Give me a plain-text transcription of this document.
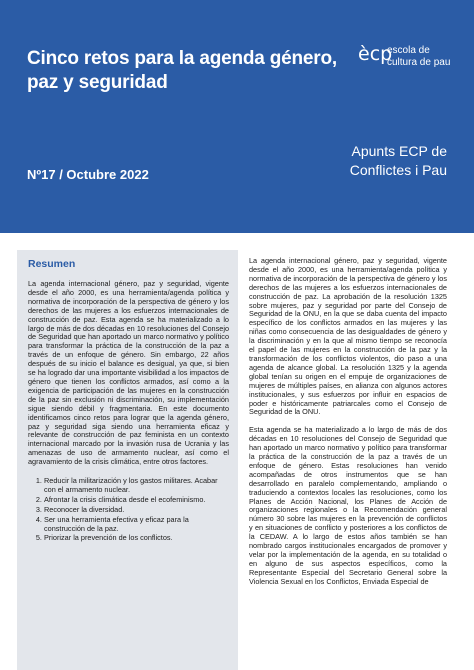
Cinco retos para la agenda género, paz y seguridad
ècp
escola de
cultura de pau
Apunts ECP de
Conflictes i Pau
Nº17 / Octubre 2022
Resumen
La agenda internacional género, paz y seguridad, vigente desde el año 2000, es una herramienta/agenda política y normativa de incorporación de la perspectiva de género y los derechos de las mujeres a los esfuerzos internacionales de construcción de paz. Esta agenda se ha materializado a lo largo de más de dos décadas en 10 resoluciones del Consejo de Seguridad que han aportado un marco normativo y político para transformar la práctica de la construcción de la paz a través de un enfoque de género. Sin embargo, 22 años después de su inicio el balance es desigual, ya que, si bien se ha logrado dar una importante visibilidad a los impactos de género que tienen los conflictos armados, así como a la exigencia de participación de las mujeres en la construcción de la paz sin exclusión ni discriminación, su implementación sigue siendo débil y fragmentaria. En este documento identificamos cinco retos para lograr que la agenda género, paz y seguridad siga siendo una herramienta eficaz y relevante de construcción de paz feminista en un contexto internacional marcado por la invasión rusa de Ucrania y las amenazas de uso de armamento nuclear, así como el agravamiento de la crisis climática, entre otros factores.
1. Reducir la militarización y los gastos militares. Acabar con el armamento nuclear.
2. Afrontar la crisis climática desde el ecofeminismo.
3. Reconocer la diversidad.
4. Ser una herramienta efectiva y eficaz para la construcción de la paz.
5. Priorizar la prevención de los conflictos.

La agenda internacional género, paz y seguridad, vigente desde el año 2000, es una herramienta/agenda política y normativa de incorporación de la perspectiva de género y los derechos de las mujeres a los esfuerzos internacionales de construcción de paz. La aprobación de la resolución 1325 sobre mujeres, paz y seguridad por parte del Consejo de Seguridad de la ONU, en la que se daba cuenta del impacto específico de los conflictos armados en las mujeres y las niñas como consecuencia de las desigualdades de género y la discriminación y en la que al mismo tiempo se reconocía el papel de las mujeres en la construcción de la paz y la transformación de los conflictos violentos, dio paso a una agenda de alcance global. La resolución 1325 y la agenda global tenían su origen en el empuje de organizaciones de mujeres de múltiples países, en alianza con algunos actores institucionales, y sus esfuerzos por influir en espacios de poder e históricamente patriarcales como el Consejo de Seguridad de la ONU.

Esta agenda se ha materializado a lo largo de más de dos décadas en 10 resoluciones del Consejo de Seguridad que han aportado un marco normativo y político para transformar la práctica de la construcción de la paz a través de un enfoque de género. Estas resoluciones han venido acompañadas de otros instrumentos que se han desarrollado en paralelo complementando, ampliando o traduciendo a contextos locales las resoluciones, como los Planes de Acción Nacional, los Planes de Acción de organizaciones regionales o la Recomendación general número 30 sobre las mujeres en la prevención de conflictos y en situaciones de conflicto y posteriores a los conflictos de la CEDAW. A lo largo de estos años también se han nombrado cargos institucionales encargados de promover y velar por la implementación de la agenda, en su totalidad o en alguno de sus aspectos específicos, como la Representante Especial del Secretario General sobre la Violencia Sexual en los Conflictos, Enviada Especial de
